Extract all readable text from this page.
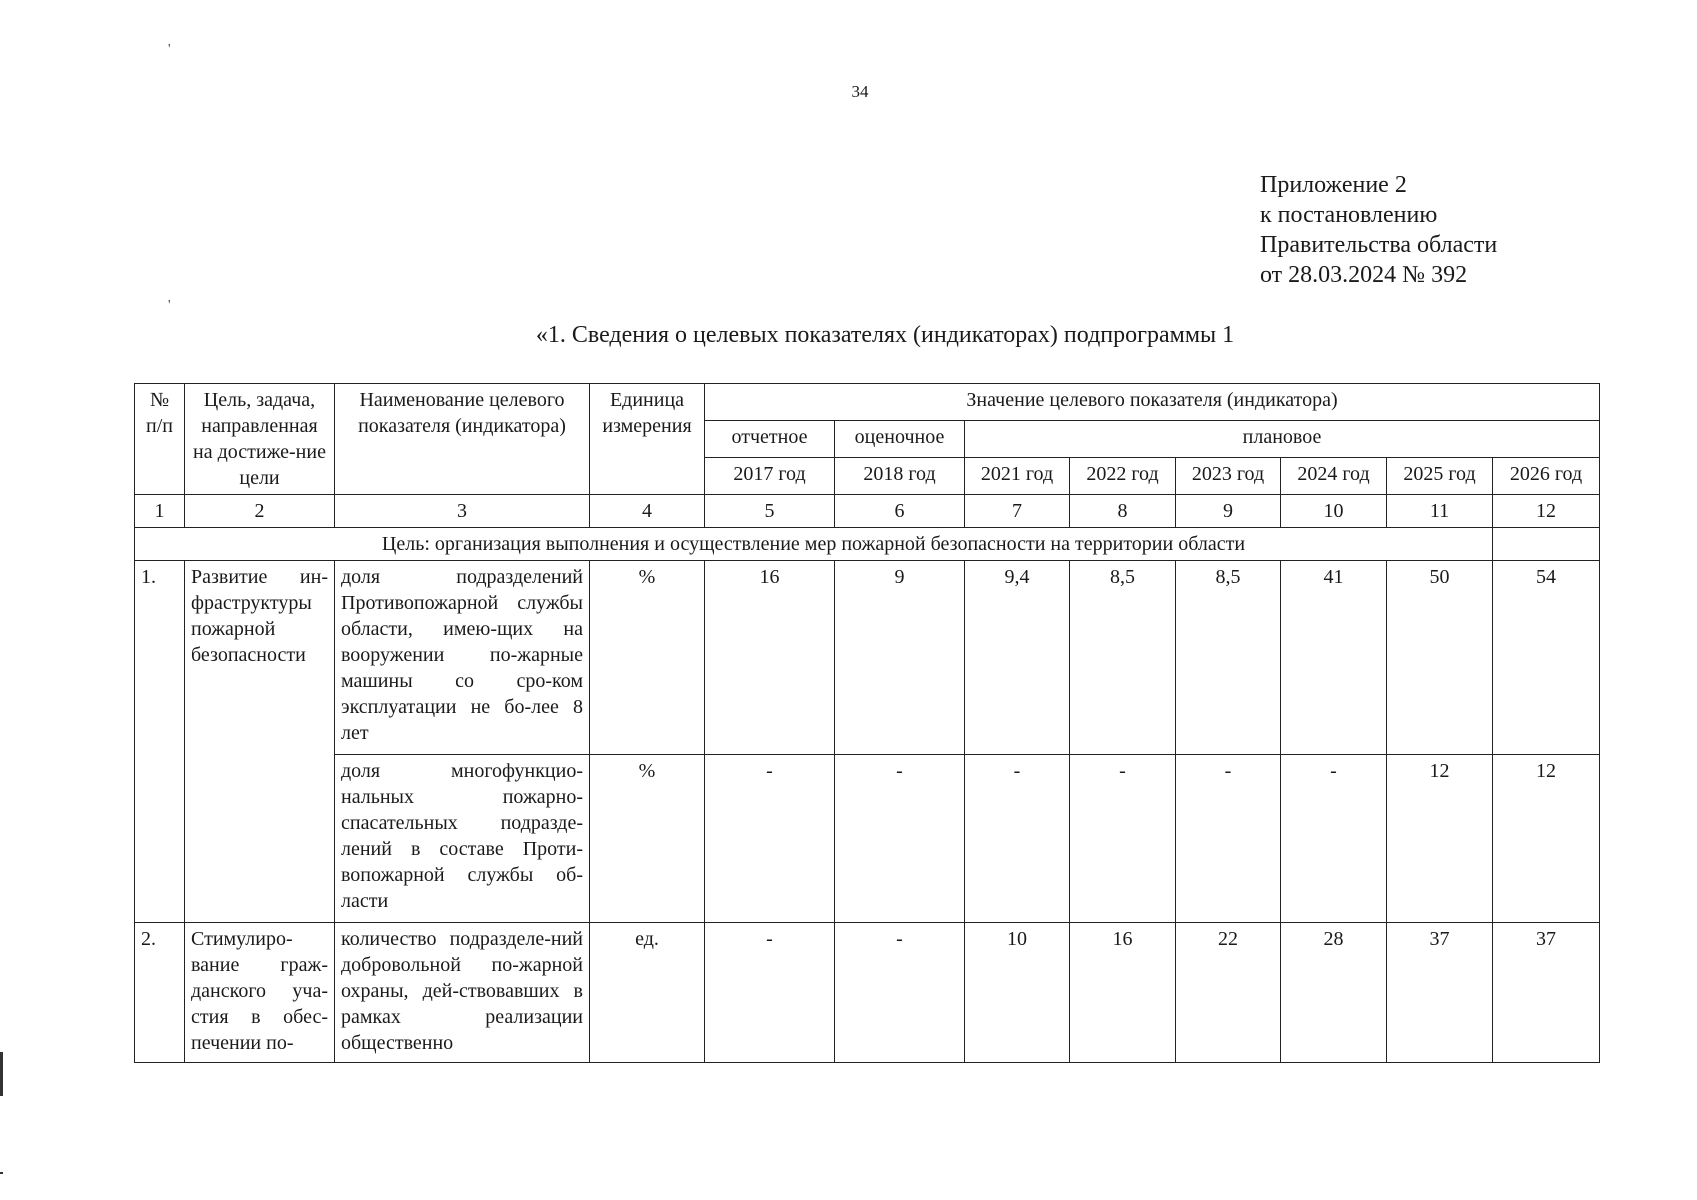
34
Приложение 2
к постановлению
Правительства области
от 28.03.2024 № 392
«1. Сведения о целевых показателях (индикаторах) подпрограммы 1
№ п/п	Цель, задача, направленная на достиже-ние цели	Наименование целевого показателя (индикатора)	Единица измерения	Значение целевого показателя (индикатора)							
				отчетное	оценочное	плановое					
				2017 год	2018 год	2021 год	2022 год	2023 год	2024 год	2025 год	2026 год
1	2	3	4	5	6	7	8	9	10	11	12
Цель: организация выполнения и осуществление мер пожарной безопасности на территории области											
1.	Развитие ин-фраструктуры пожарной безопасности	доля подразделений Противопожарной службы области, имею-щих на вооружении по-жарные машины со сро-ком эксплуатации не бо-лее 8 лет	%	16	9	9,4	8,5	8,5	41	50	54
		доля многофункцио-нальных пожарно-спасательных подразде-лений в составе Проти-вопожарной службы об-ласти	%	-	-	-	-	-	-	12	12
2.	Стимулиро-вание граж-данского уча-стия в обес-печении по-	количество подразделе-ний добровольной по-жарной охраны, дей-ствовавших в рамках реализации общественно	ед.	-	-	10	16	22	28	37	37
'
'
